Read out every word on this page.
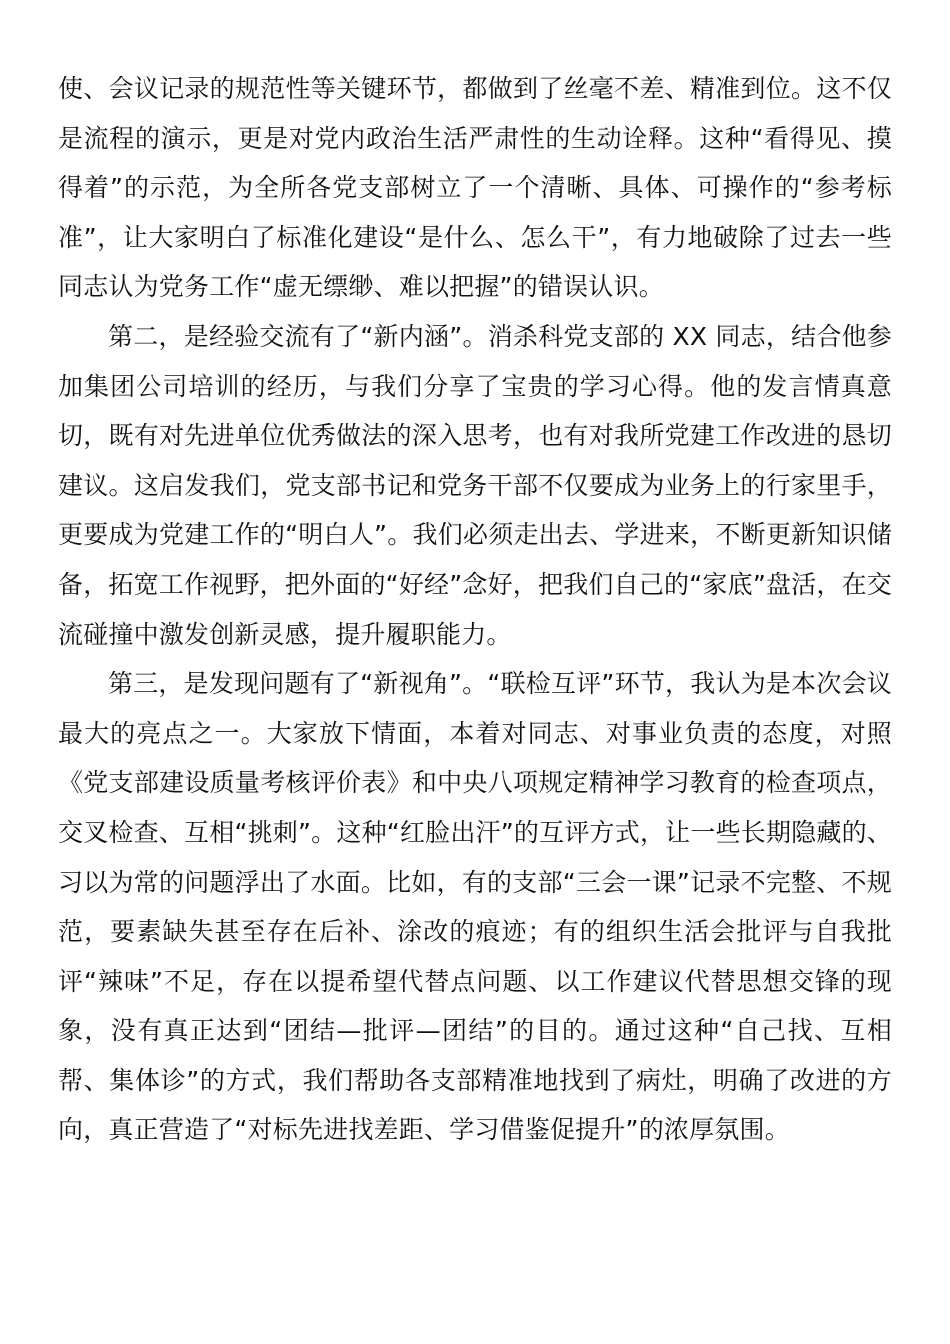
使、会议记录的规范性等关键环节，都做到了丝毫不差、精准到位。这不仅是流程的演示，更是对党内政治生活严肃性的生动诠释。这种“看得见、摸得着”的示范，为全所各党支部树立了一个清晰、具体、可操作的“参考标准”，让大家明白了标准化建设“是什么、怎么干”，有力地破除了过去一些同志认为党务工作“虚无缥缈、难以把握”的错误认识。

第二，是经验交流有了“新内涵”。消杀科党支部的 XX 同志，结合他参加集团公司培训的经历，与我们分享了宝贵的学习心得。他的发言情真意切，既有对先进单位优秀做法的深入思考，也有对我所党建工作改进的恳切建议。这启发我们，党支部书记和党务干部不仅要成为业务上的行家里手，更要成为党建工作的“明白人”。我们必须走出去、学进来，不断更新知识储备，拓宽工作视野，把外面的“好经”念好，把我们自己的“家底”盘活，在交流碰撞中激发创新灵感，提升履职能力。

第三，是发现问题有了“新视角”。“联检互评”环节，我认为是本次会议最大的亮点之一。大家放下情面，本着对同志、对事业负责的态度，对照《党支部建设质量考核评价表》和中央八项规定精神学习教育的检查项点，交叉检查、互相“挑刺”。这种“红脸出汗”的互评方式，让一些长期隐藏的、习以为常的问题浮出了水面。比如，有的支部“三会一课”记录不完整、不规范，要素缺失甚至存在后补、涂改的痕迹；有的组织生活会批评与自我批评“辣味”不足，存在以提希望代替点问题、以工作建议代替思想交锋的现象，没有真正达到“团结—批评—团结”的目的。通过这种“自己找、互相帮、集体诊”的方式，我们帮助各支部精准地找到了病灶，明确了改进的方向，真正营造了“对标先进找差距、学习借鉴促提升”的浓厚氛围。
